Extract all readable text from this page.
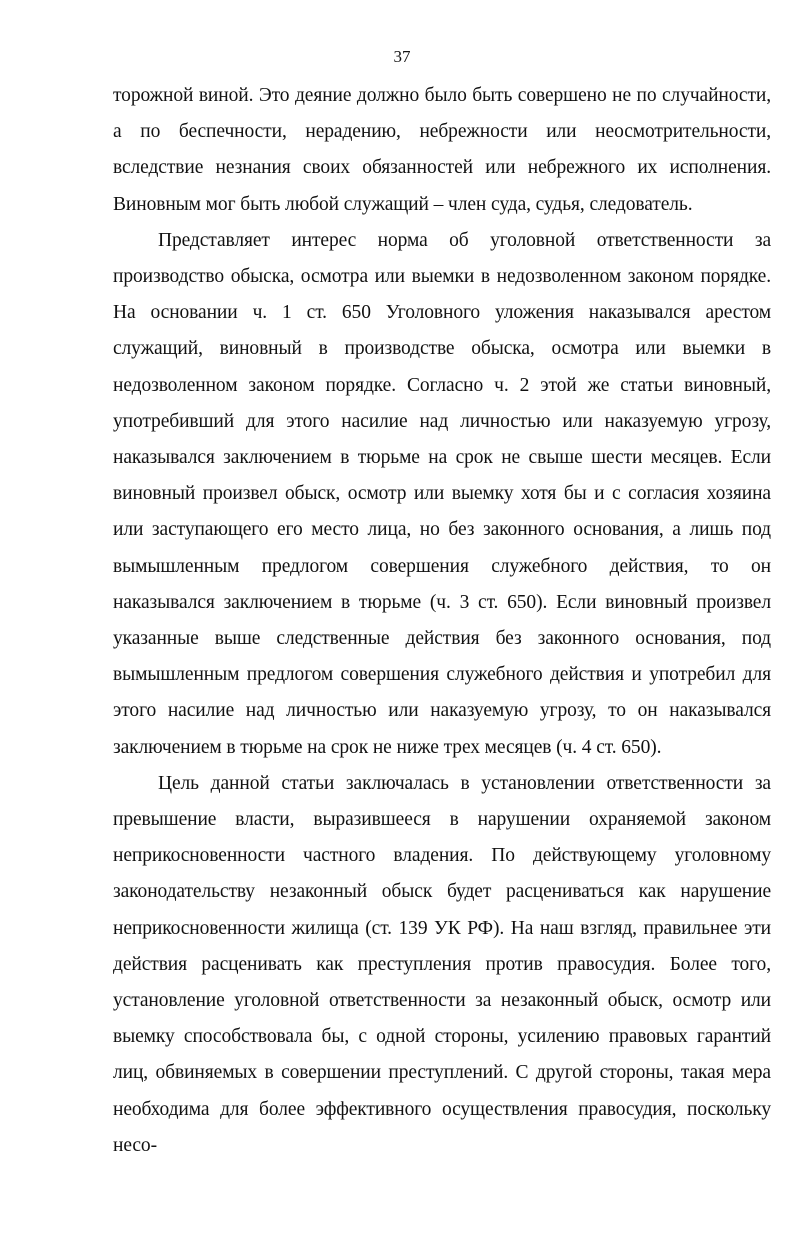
37

торожной виной. Это деяние должно было быть совершено не по случайности, а по беспечности, нерадению, небрежности или неосмотрительности, вследствие незнания своих обязанностей или небрежного их исполнения. Виновным мог быть любой служащий – член суда, судья, следователь.

Представляет интерес норма об уголовной ответственности за производство обыска, осмотра или выемки в недозволенном законом порядке. На основании ч. 1 ст. 650 Уголовного уложения наказывался арестом служащий, виновный в производстве обыска, осмотра или выемки в недозволенном законом порядке. Согласно ч. 2 этой же статьи виновный, употребивший для этого насилие над личностью или наказуемую угрозу, наказывался заключением в тюрьме на срок не свыше шести месяцев. Если виновный произвел обыск, осмотр или выемку хотя бы и с согласия хозяина или заступающего его место лица, но без законного основания, а лишь под вымышленным предлогом совершения служебного действия, то он наказывался заключением в тюрьме (ч. 3 ст. 650). Если виновный произвел указанные выше следственные действия без законного основания, под вымышленным предлогом совершения служебного действия и употребил для этого насилие над личностью или наказуемую угрозу, то он наказывался заключением в тюрьме на срок не ниже трех месяцев (ч. 4 ст. 650).

Цель данной статьи заключалась в установлении ответственности за превышение власти, выразившееся в нарушении охраняемой законом неприкосновенности частного владения. По действующему уголовному законодательству незаконный обыск будет расцениваться как нарушение неприкосновенности жилища (ст. 139 УК РФ). На наш взгляд, правильнее эти действия расценивать как преступления против правосудия. Более того, установление уголовной ответственности за незаконный обыск, осмотр или выемку способствовала бы, с одной стороны, усилению правовых гарантий лиц, обвиняемых в совершении преступлений. С другой стороны, такая мера необходима для более эффективного осуществления правосудия, поскольку несо-
